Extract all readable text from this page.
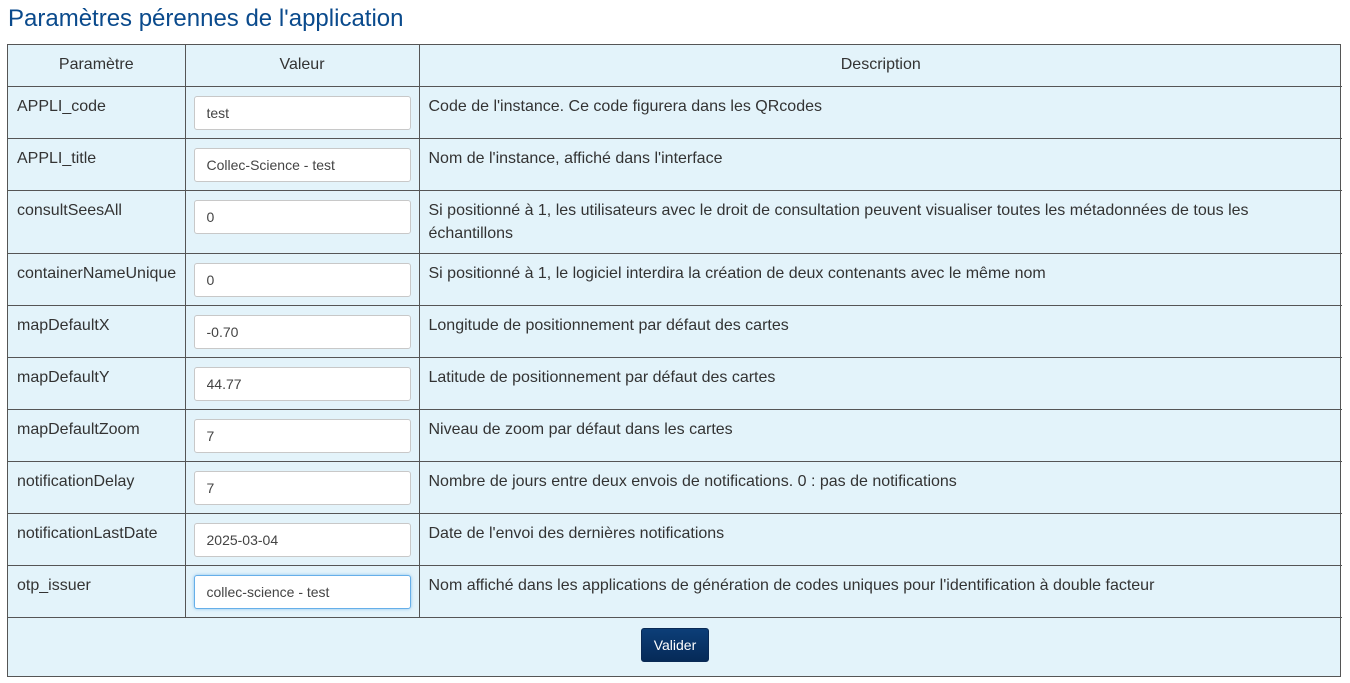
Paramètres pérennes de l'application
Paramètre	Valeur	Description
APPLI_code	test	Code de l'instance. Ce code figurera dans les QRcodes
APPLI_title	Collec-Science - test	Nom de l'instance, affiché dans l'interface
consultSeesAll	0	Si positionné à 1, les utilisateurs avec le droit de consultation peuvent visualiser toutes les métadonnées de tous les échantillons
containerNameUnique	0	Si positionné à 1, le logiciel interdira la création de deux contenants avec le même nom
mapDefaultX	-0.70	Longitude de positionnement par défaut des cartes
mapDefaultY	44.77	Latitude de positionnement par défaut des cartes
mapDefaultZoom	7	Niveau de zoom par défaut dans les cartes
notificationDelay	7	Nombre de jours entre deux envois de notifications. 0 : pas de notifications
notificationLastDate	2025-03-04	Date de l'envoi des dernières notifications
otp_issuer	collec-science - test	Nom affiché dans les applications de génération de codes uniques pour l'identification à double facteur
Valider
